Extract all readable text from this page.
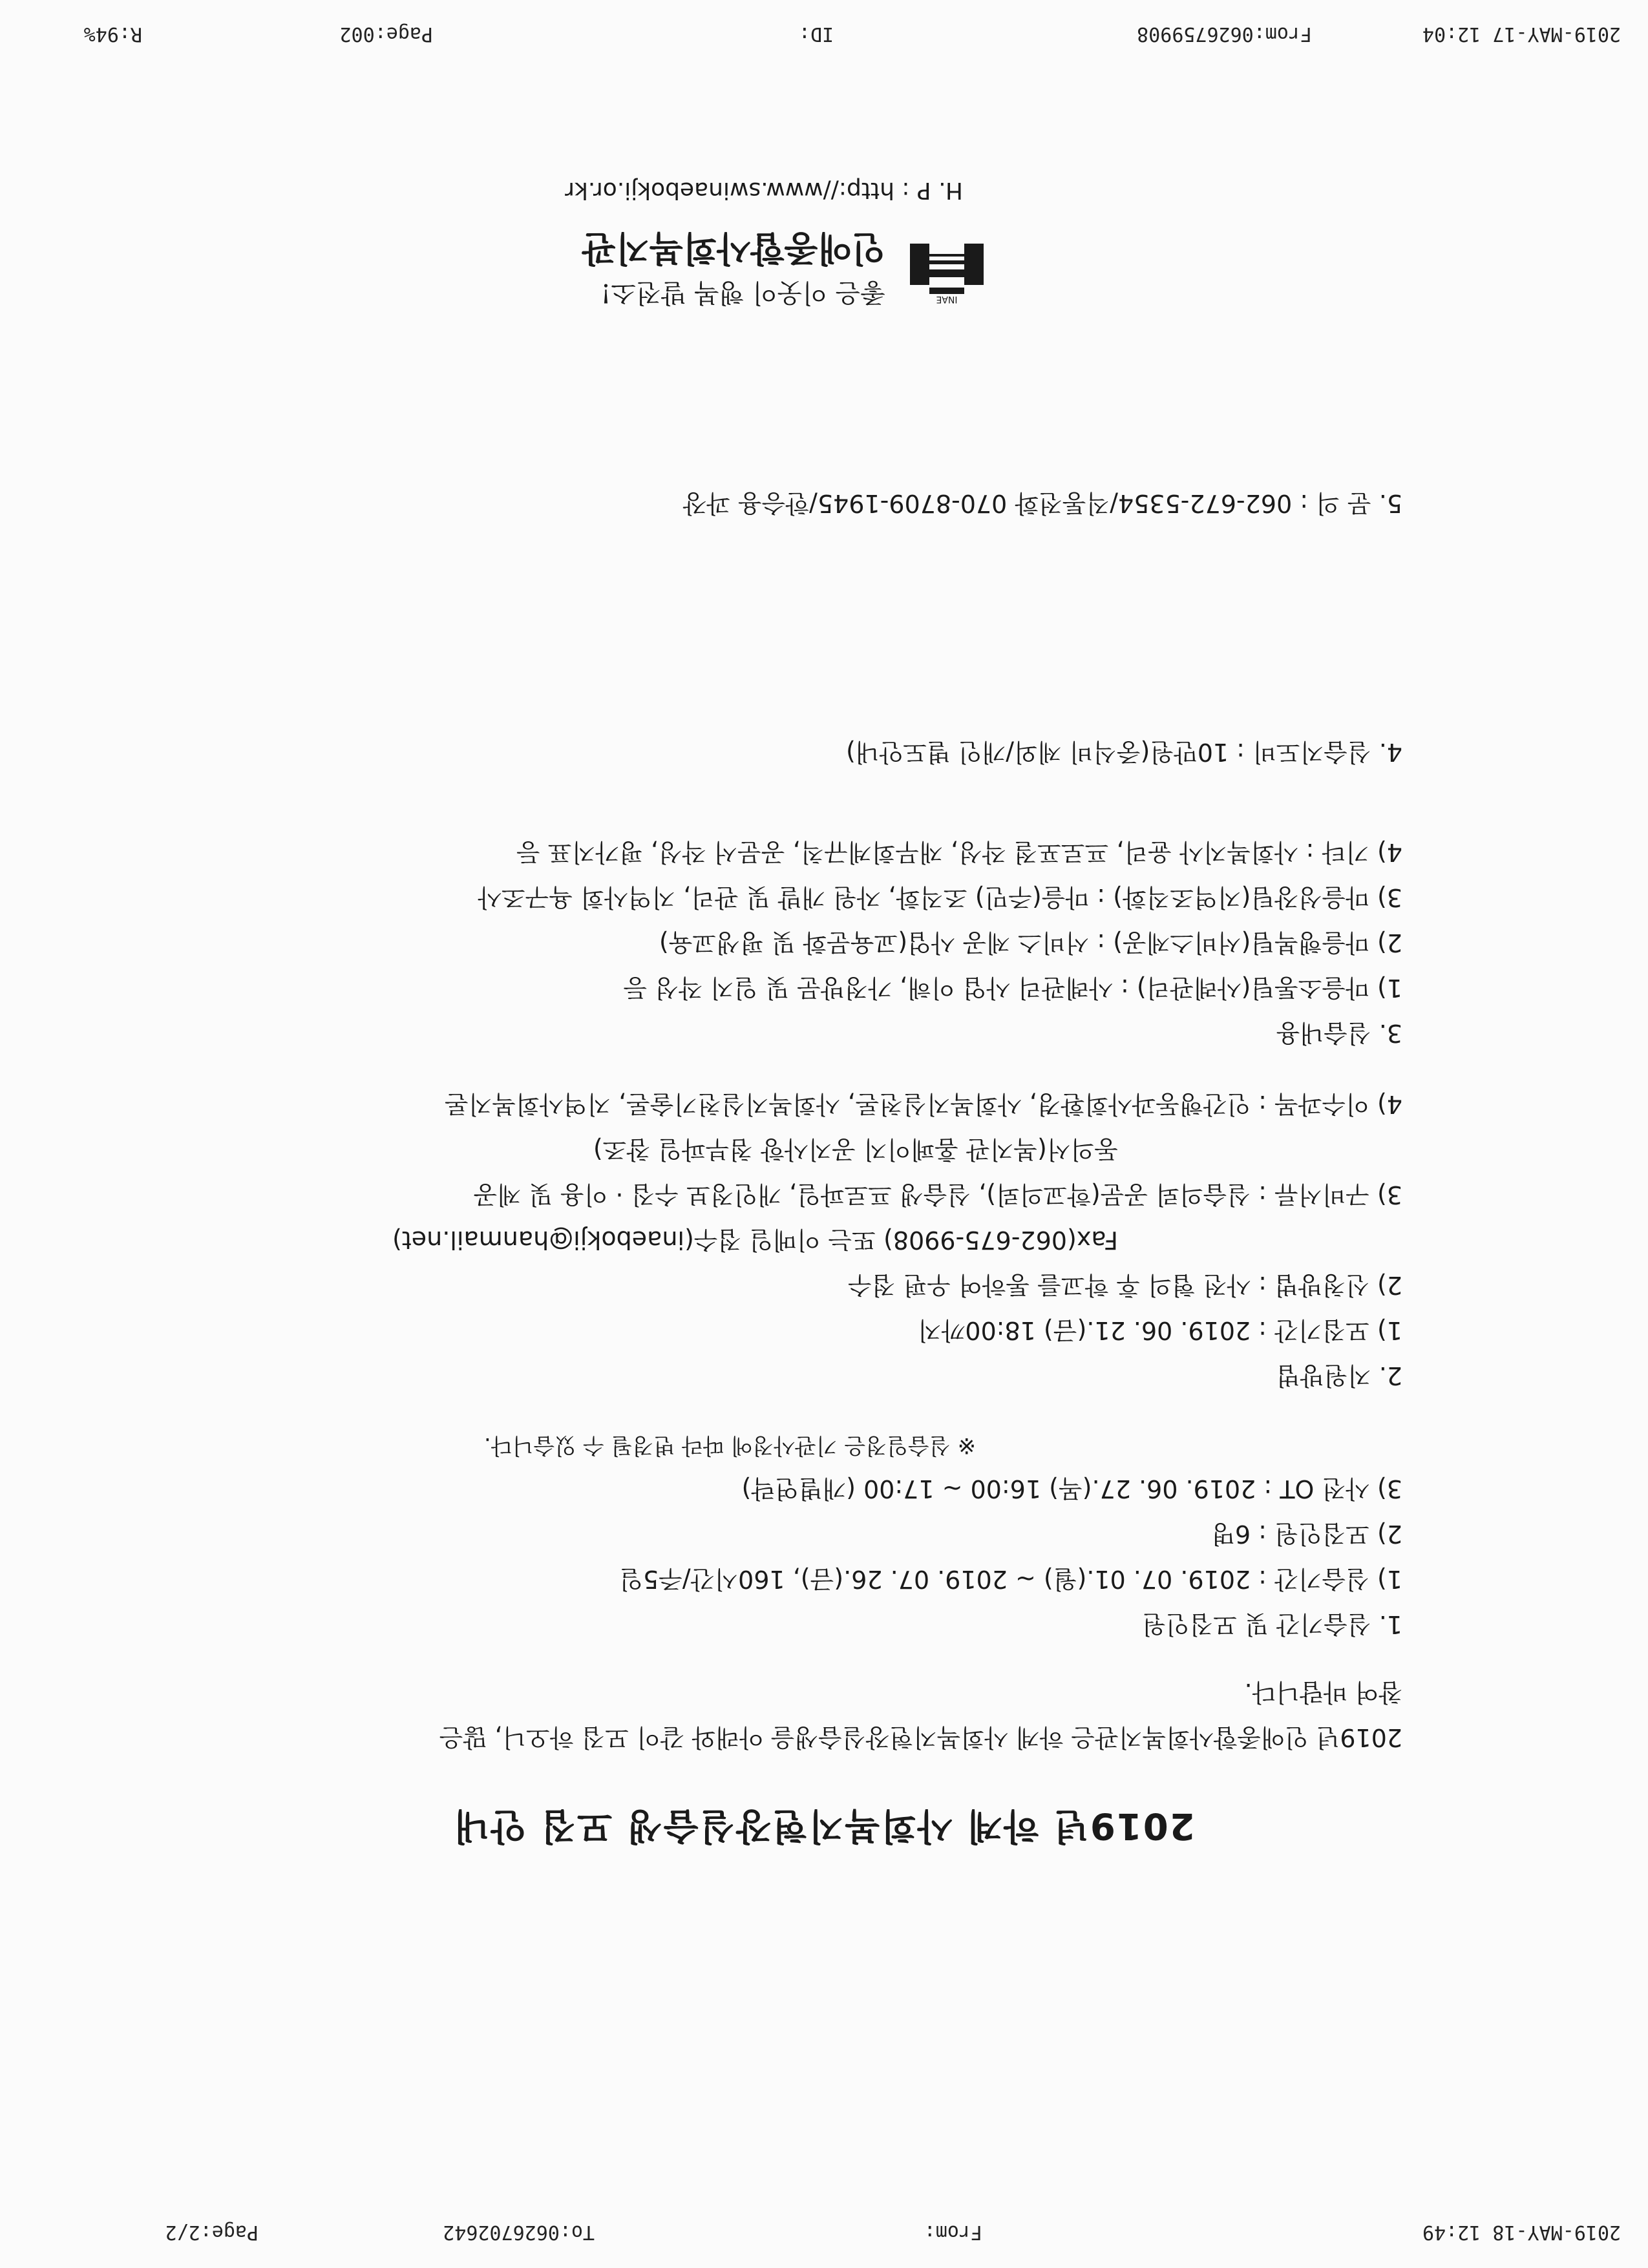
2019-MAY-18 12:49
From:
To:0626702642
Page:2/2
2019년 하계 사회복지현장실습생 모집 안내
2019년 인애종합사회복지관은 하계 사회복지현장실습생을 아래와 같이 모집 하오니, 많은
참여 바랍니다.
1. 실습기간 및 모집인원
1) 실습기간 : 2019. 07. 01.(월) ~ 2019. 07. 26.(금), 160시간/주5일
2) 모집인원 : 6명
3) 사전 OT : 2019. 06. 27.(목) 16:00 ~ 17:00 (개별연락)
※ 실습일정은 기관사정에 따라 변경될 수 있습니다.
2. 지원방법
1) 모집기간 : 2019. 06. 21.(금) 18:00까지
2) 신청방법 : 사전 협의 후 학교를 통하여 우편 접수
Fax(062-675-9908) 또는 이메일 접수(inaebokji@hanmail.net)
3) 구비서류 : 실습의뢰 공문(학교의뢰), 실습생 프로파일, 개인정보 수집 · 이용 및 제공
동의서(복지관 홈페이지 공지사항 첨부파일 참조)
4) 이수과목 : 인간행동과사회환경, 사회복지실천론, 사회복지실천기술론, 지역사회복지론
3. 실습내용
1) 마을소통팀(사례관리) : 사례관리 사업 이해, 가정방문 및 일지 작성 등
2) 마을행복팀(서비스제공) : 서비스 제공 사업(교육문화 및 평생교육)
3) 마을성장팀(지역조직화) : 마을(주민) 조직화, 자원 개발 및 관리, 지역사회 욕구조사
4) 기타 : 사회복지사 윤리, 프로포절 작성, 재무회계규칙, 공문서 작성, 평가지표 등
4. 실습지도비 : 10만원(중식비 제외/개인 별도안내)
5. 문 의 : 062-672-5354/직통전화 070-8709-1945/한승용 과장
INAE
좋은 이웃이 행복 발전소!
인애종합사회복지관
H. P : http://www.swinaebokji.or.kr
2019-MAY-17 12:04
From:0626759908
ID:
Page:002
R:94%
